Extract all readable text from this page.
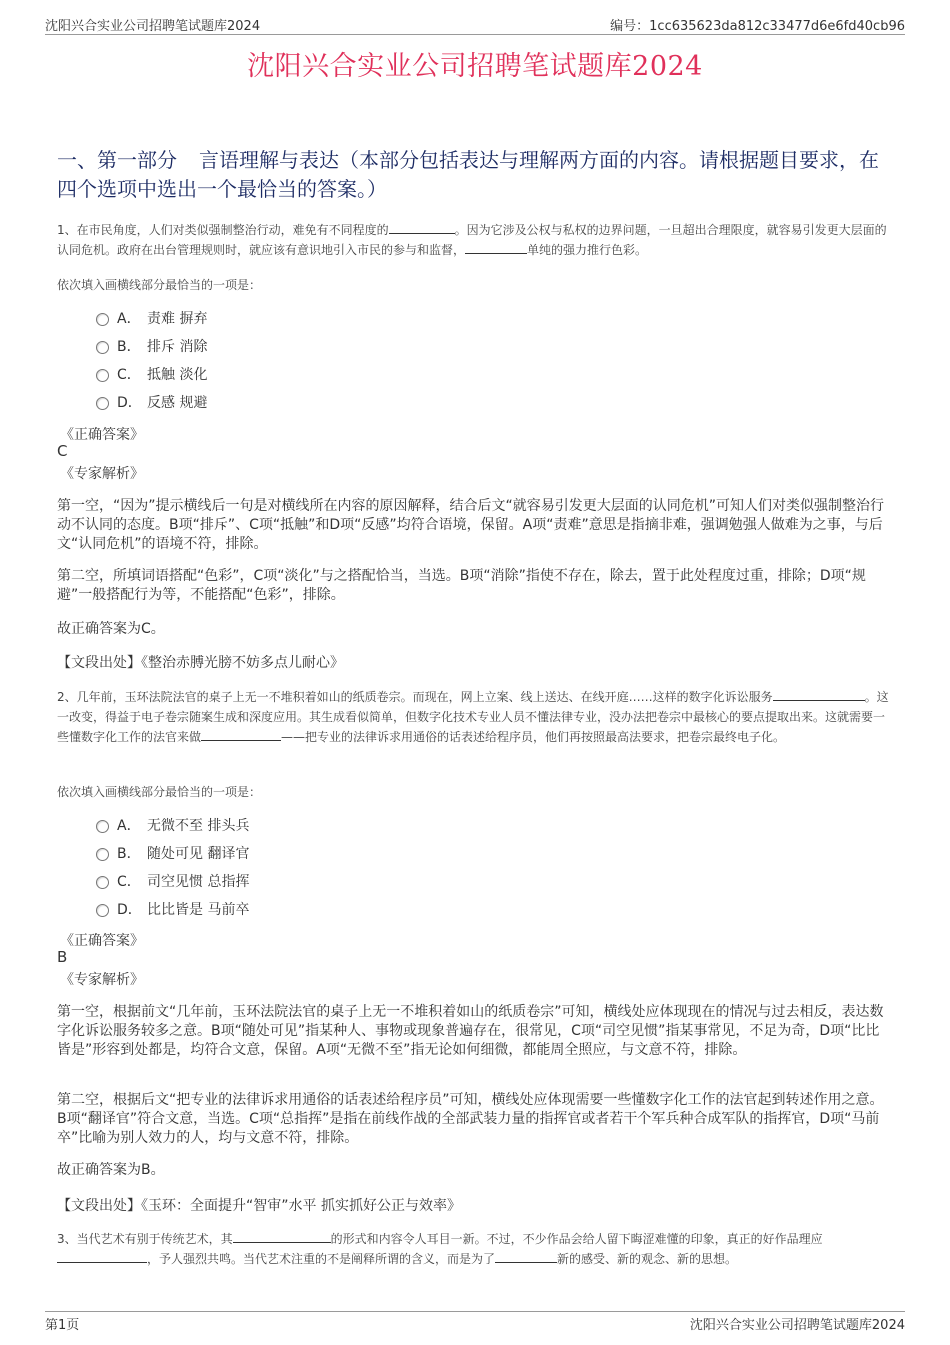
沈阳兴合实业公司招聘笔试题库2024	编号：1cc635623da812c33477d6e6fd40cb96
沈阳兴合实业公司招聘笔试题库2024
一、第一部分 言语理解与表达（本部分包括表达与理解两方面的内容。请根据题目要求，在四个选项中选出一个最恰当的答案。）
1、在市民角度，人们对类似强制整治行动，难免有不同程度的	。因为它涉及公权与私权的边界问题，一旦超出合理限度，就容易引发更大层面的认同危机。政府在出台管理规则时，就应该有意识地引入市民的参与和监督，	单纯的强力推行色彩。
依次填入画横线部分最恰当的一项是：
A． 责难 摒弃
B． 排斥 消除
C． 抵触 淡化
D． 反感 规避
《正确答案》
C
《专家解析》
第一空，“因为”提示横线后一句是对横线所在内容的原因解释，结合后文“就容易引发更大层面的认同危机”可知人们对类似强制整治行动不认同的态度。B项“排斥”、C项“抵触”和D项“反感”均符合语境，保留。A项“责难”意思是指摘非难，强调勉强人做难为之事，与后文“认同危机”的语境不符，排除。
第二空，所填词语搭配“色彩”，C项“淡化”与之搭配恰当，当选。B项“消除”指使不存在，除去，置于此处程度过重，排除；D项“规避”一般搭配行为等，不能搭配“色彩”，排除。
故正确答案为C。
【文段出处】《整治赤膊光膀不妨多点儿耐心》
2、几年前，玉环法院法官的桌子上无一不堆积着如山的纸质卷宗。而现在，网上立案、线上送达、在线开庭……这样的数字化诉讼服务	。这一改变，得益于电子卷宗随案生成和深度应用。其生成看似简单，但数字化技术专业人员不懂法律专业，没办法把卷宗中最核心的要点提取出来。这就需要一些懂数字化工作的法官来做	——把专业的法律诉求用通俗的话表述给程序员，他们再按照最高法要求，把卷宗最终电子化。
依次填入画横线部分最恰当的一项是：
A． 无微不至 排头兵
B． 随处可见 翻译官
C． 司空见惯 总指挥
D． 比比皆是 马前卒
《正确答案》
B
《专家解析》
第一空，根据前文“几年前，玉环法院法官的桌子上无一不堆积着如山的纸质卷宗”可知，横线处应体现现在的情况与过去相反，表达数字化诉讼服务较多之意。B项“随处可见”指某种人、事物或现象普遍存在，很常见，C项“司空见惯”指某事常见，不足为奇，D项“比比皆是”形容到处都是，均符合文意，保留。A项“无微不至”指无论如何细微，都能周全照应，与文意不符，排除。
第二空，根据后文“把专业的法律诉求用通俗的话表述给程序员”可知，横线处应体现需要一些懂数字化工作的法官起到转述作用之意。B项“翻译官”符合文意，当选。C项“总指挥”是指在前线作战的全部武装力量的指挥官或者若干个军兵种合成军队的指挥官，D项“马前卒”比喻为别人效力的人，均与文意不符，排除。
故正确答案为B。
【文段出处】《玉环：全面提升“智审”水平 抓实抓好公正与效率》
3、当代艺术有别于传统艺术，其	的形式和内容令人耳目一新。不过，不少作品会给人留下晦涩难懂的印象，真正的好作品理应，予人强烈共鸣。当代艺术注重的不是阐释所谓的含义，而是为了	新的感受、新的观念、新的思想。
第1页	沈阳兴合实业公司招聘笔试题库2024
